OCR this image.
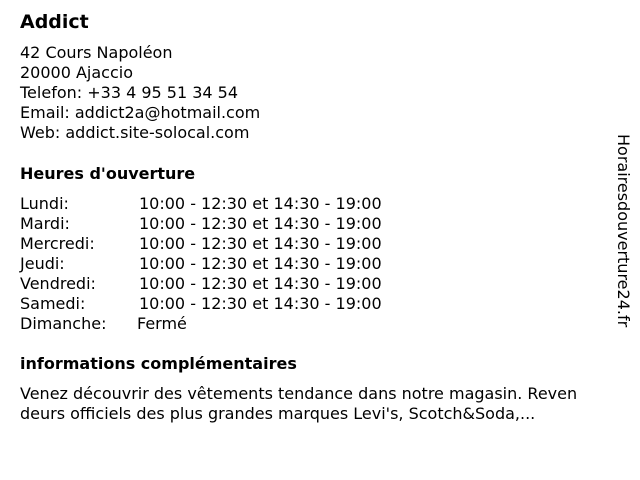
Addict
42 Cours Napoléon
20000 Ajaccio
Telefon: +33 4 95 51 34 54
Email: addict2a@hotmail.com
Web: addict.site-solocal.com
Heures d'ouverture
Lundi:	10:00 - 12:30 et 14:30 - 19:00
Mardi:	10:00 - 12:30 et 14:30 - 19:00
Mercredi:	10:00 - 12:30 et 14:30 - 19:00
Jeudi:	10:00 - 12:30 et 14:30 - 19:00
Vendredi:	10:00 - 12:30 et 14:30 - 19:00
Samedi:	10:00 - 12:30 et 14:30 - 19:00
Dimanche: Fermé
informations complémentaires
Venez découvrir des vêtements tendance dans notre magasin. Reven
deurs officiels des plus grandes marques Levi's, Scotch&Soda,...
Horairesdouverture24.fr
